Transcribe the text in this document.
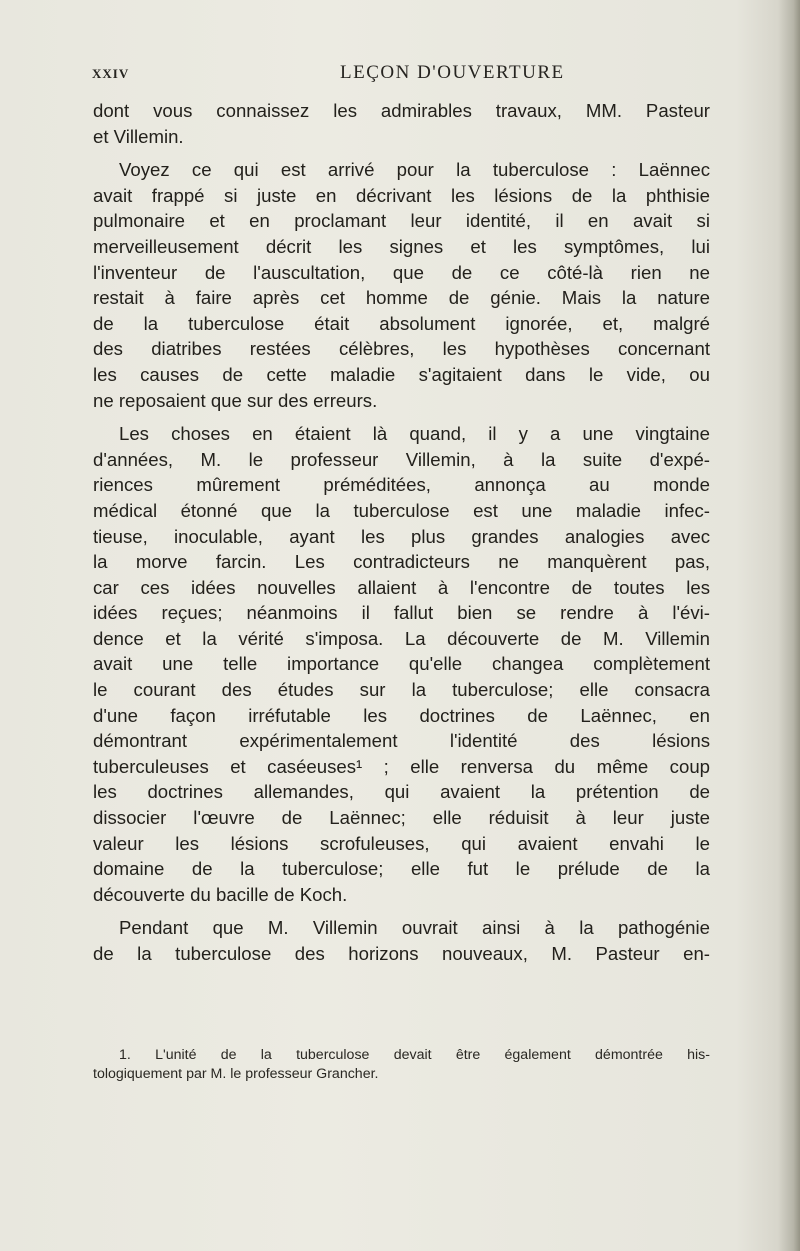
XXIV	LEÇON D'OUVERTURE
dont vous connaissez les admirables travaux, MM. Pasteur
et Villemin.
Voyez ce qui est arrivé pour la tuberculose : Laënnec
avait frappé si juste en décrivant les lésions de la phthisie
pulmonaire et en proclamant leur identité, il en avait si
merveilleusement décrit les signes et les symptômes, lui
l'inventeur de l'auscultation, que de ce côté-là rien ne
restait à faire après cet homme de génie. Mais la nature
de la tuberculose était absolument ignorée, et, malgré
des diatribes restées célèbres, les hypothèses concernant
les causes de cette maladie s'agitaient dans le vide, ou
ne reposaient que sur des erreurs.
Les choses en étaient là quand, il y a une vingtaine
d'années, M. le professeur Villemin, à la suite d'expé-
riences mûrement préméditées, annonça au monde
médical étonné que la tuberculose est une maladie infec-
tieuse, inoculable, ayant les plus grandes analogies avec
la morve farcin. Les contradicteurs ne manquèrent pas,
car ces idées nouvelles allaient à l'encontre de toutes les
idées reçues; néanmoins il fallut bien se rendre à l'évi-
dence et la vérité s'imposa. La découverte de M. Villemin
avait une telle importance qu'elle changea complètement
le courant des études sur la tuberculose; elle consacra
d'une façon irréfutable les doctrines de Laënnec, en
démontrant expérimentalement l'identité des lésions
tuberculeuses et caséeuses¹ ; elle renversa du même coup
les doctrines allemandes, qui avaient la prétention de
dissocier l'œuvre de Laënnec; elle réduisit à leur juste
valeur les lésions scrofuleuses, qui avaient envahi le
domaine de la tuberculose; elle fut le prélude de la
découverte du bacille de Koch.
Pendant que M. Villemin ouvrait ainsi à la pathogénie
de la tuberculose des horizons nouveaux, M. Pasteur en-
1. L'unité de la tuberculose devait être également démontrée his-
tologiquement par M. le professeur Grancher.
